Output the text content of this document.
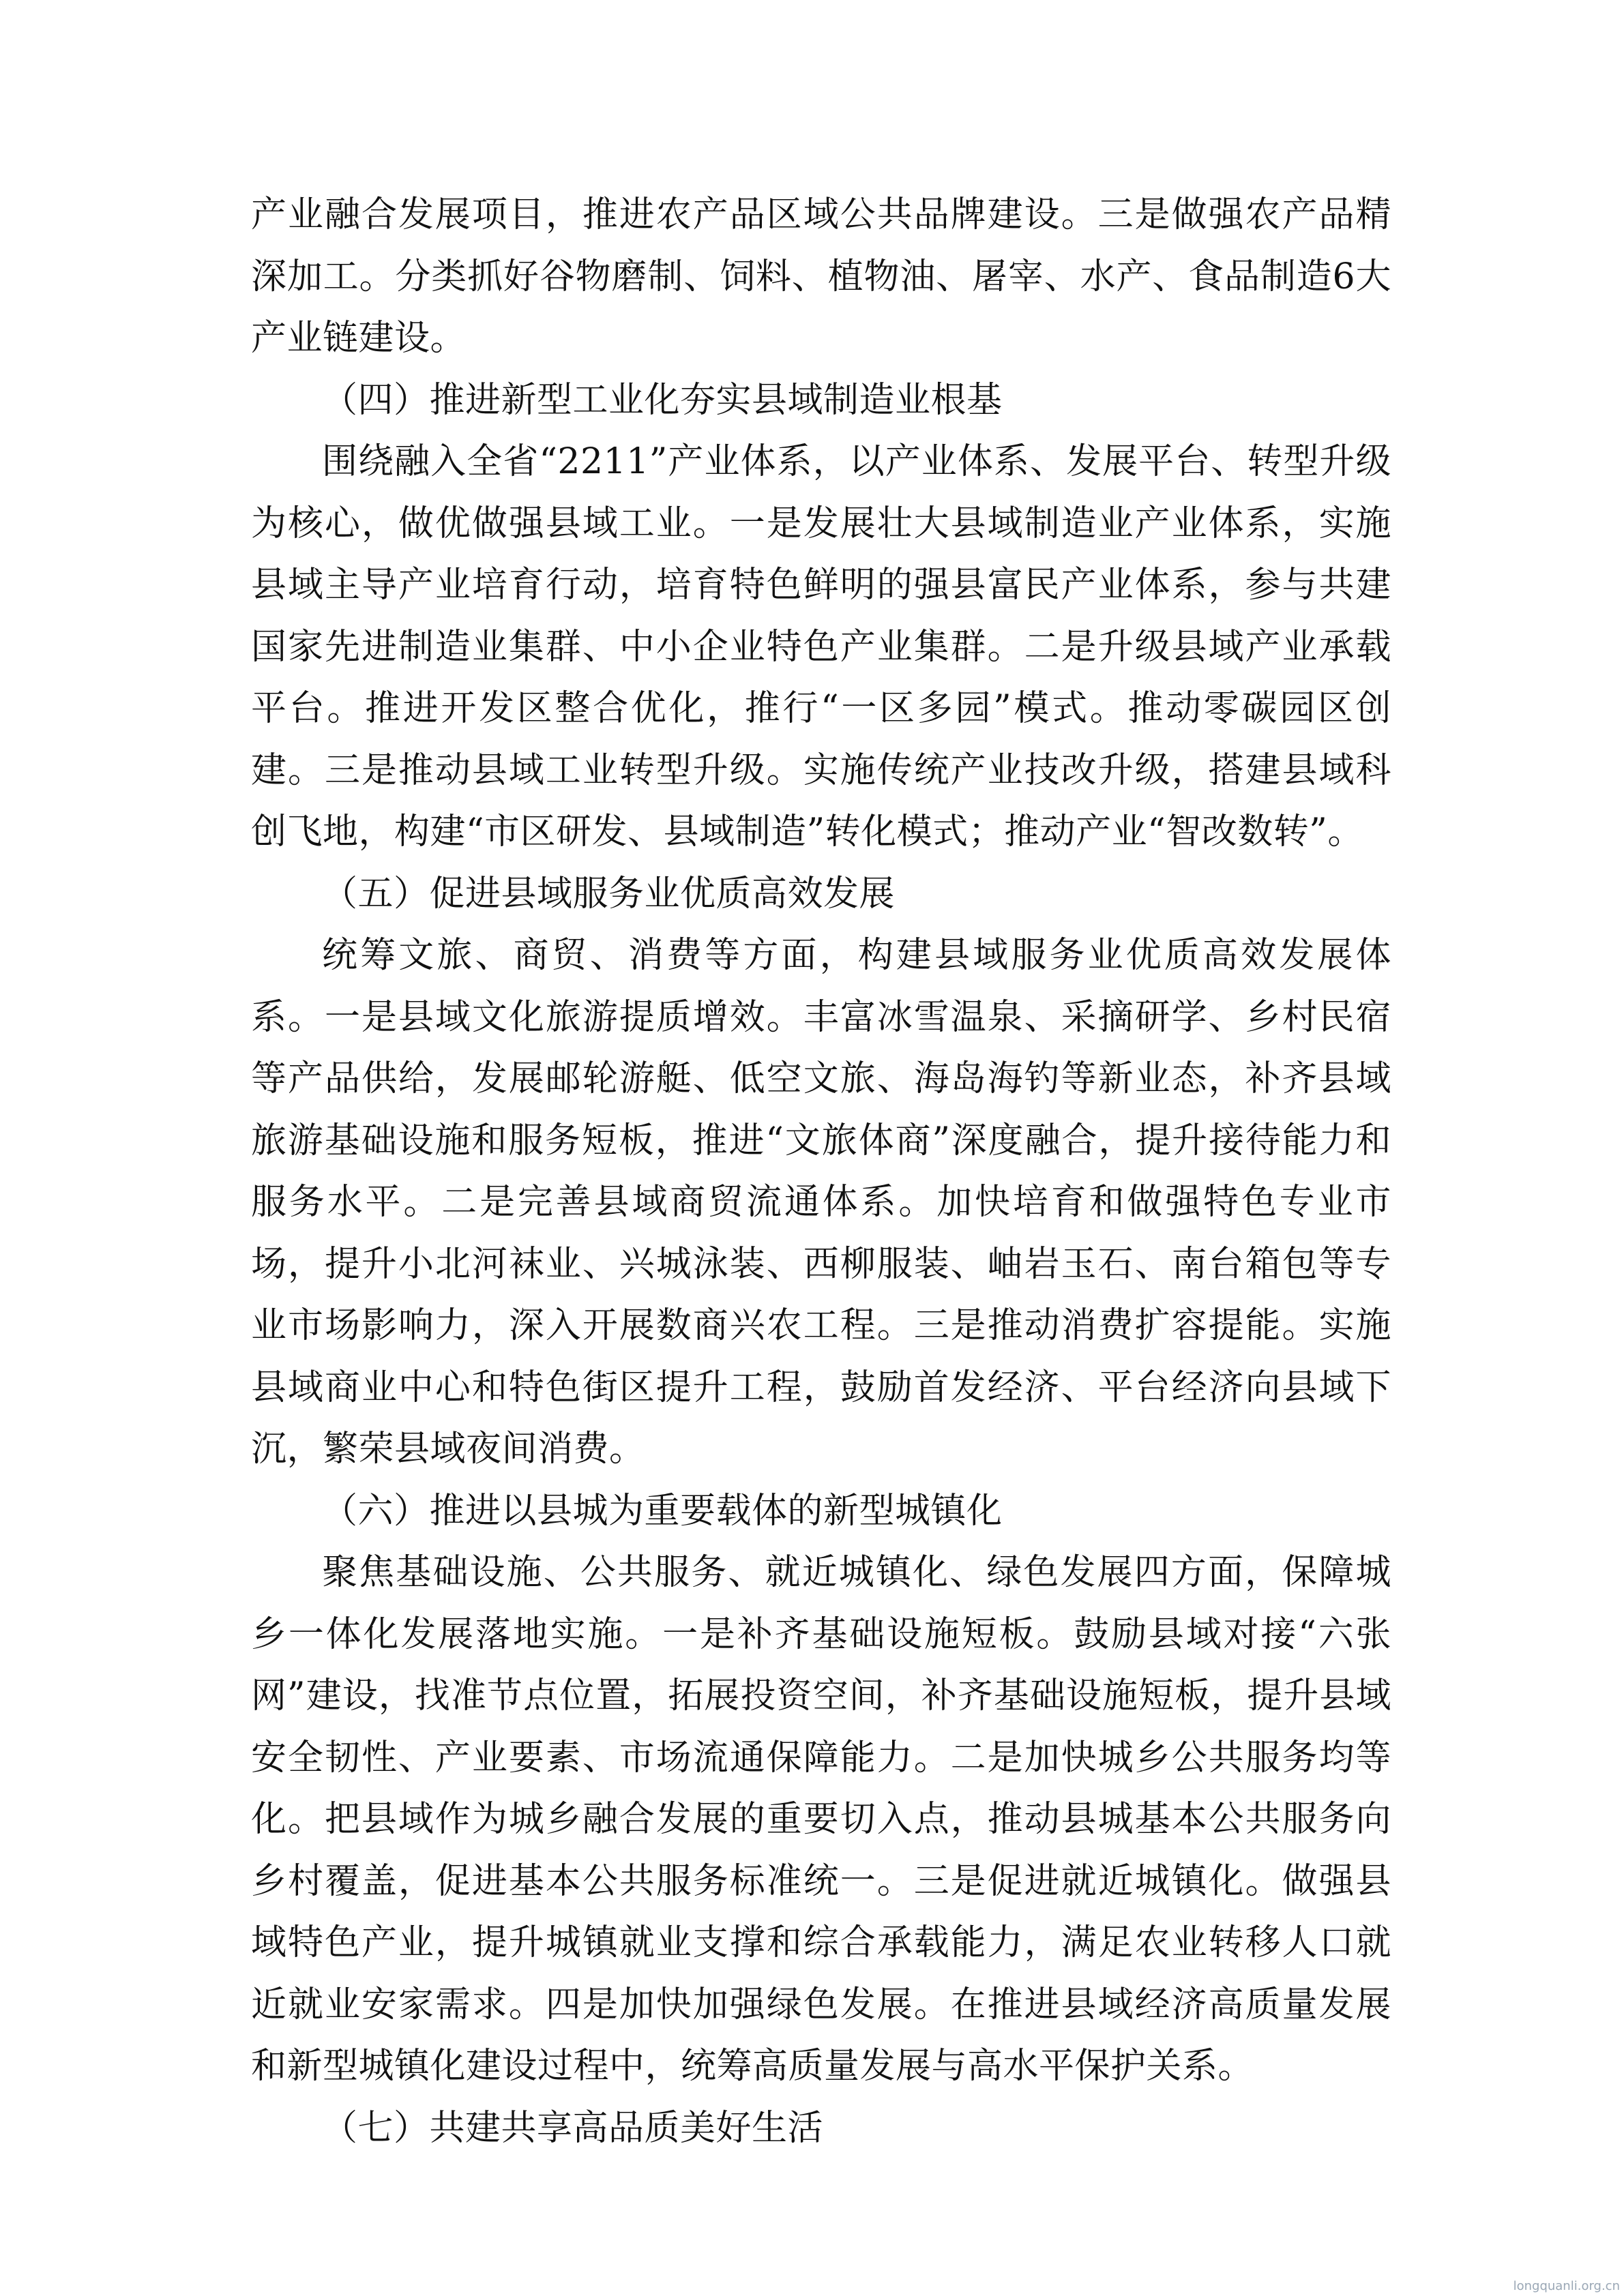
产业融合发展项目，推进农产品区域公共品牌建设。三是做强农产品精深加工。分类抓好谷物磨制、饲料、植物油、屠宰、水产、食品制造6大产业链建设。

（四）推进新型工业化夯实县域制造业根基

围绕融入全省“2211”产业体系，以产业体系、发展平台、转型升级为核心，做优做强县域工业。一是发展壮大县域制造业产业体系，实施县域主导产业培育行动，培育特色鲜明的强县富民产业体系，参与共建国家先进制造业集群、中小企业特色产业集群。二是升级县域产业承载平台。推进开发区整合优化，推行“一区多园”模式。推动零碳园区创建。三是推动县域工业转型升级。实施传统产业技改升级，搭建县域科创飞地，构建“市区研发、县域制造”转化模式；推动产业“智改数转”。

（五）促进县域服务业优质高效发展

统筹文旅、商贸、消费等方面，构建县域服务业优质高效发展体系。一是县域文化旅游提质增效。丰富冰雪温泉、采摘研学、乡村民宿等产品供给，发展邮轮游艇、低空文旅、海岛海钓等新业态，补齐县域旅游基础设施和服务短板，推进“文旅体商”深度融合，提升接待能力和服务水平。二是完善县域商贸流通体系。加快培育和做强特色专业市场，提升小北河袜业、兴城泳装、西柳服装、岫岩玉石、南台箱包等专业市场影响力，深入开展数商兴农工程。三是推动消费扩容提能。实施县域商业中心和特色街区提升工程，鼓励首发经济、平台经济向县域下沉，繁荣县域夜间消费。

（六）推进以县城为重要载体的新型城镇化

聚焦基础设施、公共服务、就近城镇化、绿色发展四方面，保障城乡一体化发展落地实施。一是补齐基础设施短板。鼓励县域对接“六张网”建设，找准节点位置，拓展投资空间，补齐基础设施短板，提升县域安全韧性、产业要素、市场流通保障能力。二是加快城乡公共服务均等化。把县域作为城乡融合发展的重要切入点，推动县城基本公共服务向乡村覆盖，促进基本公共服务标准统一。三是促进就近城镇化。做强县域特色产业，提升城镇就业支撑和综合承载能力，满足农业转移人口就近就业安家需求。四是加快加强绿色发展。在推进县域经济高质量发展和新型城镇化建设过程中，统筹高质量发展与高水平保护关系。

（七）共建共享高品质美好生活

longquanli.org.cn
